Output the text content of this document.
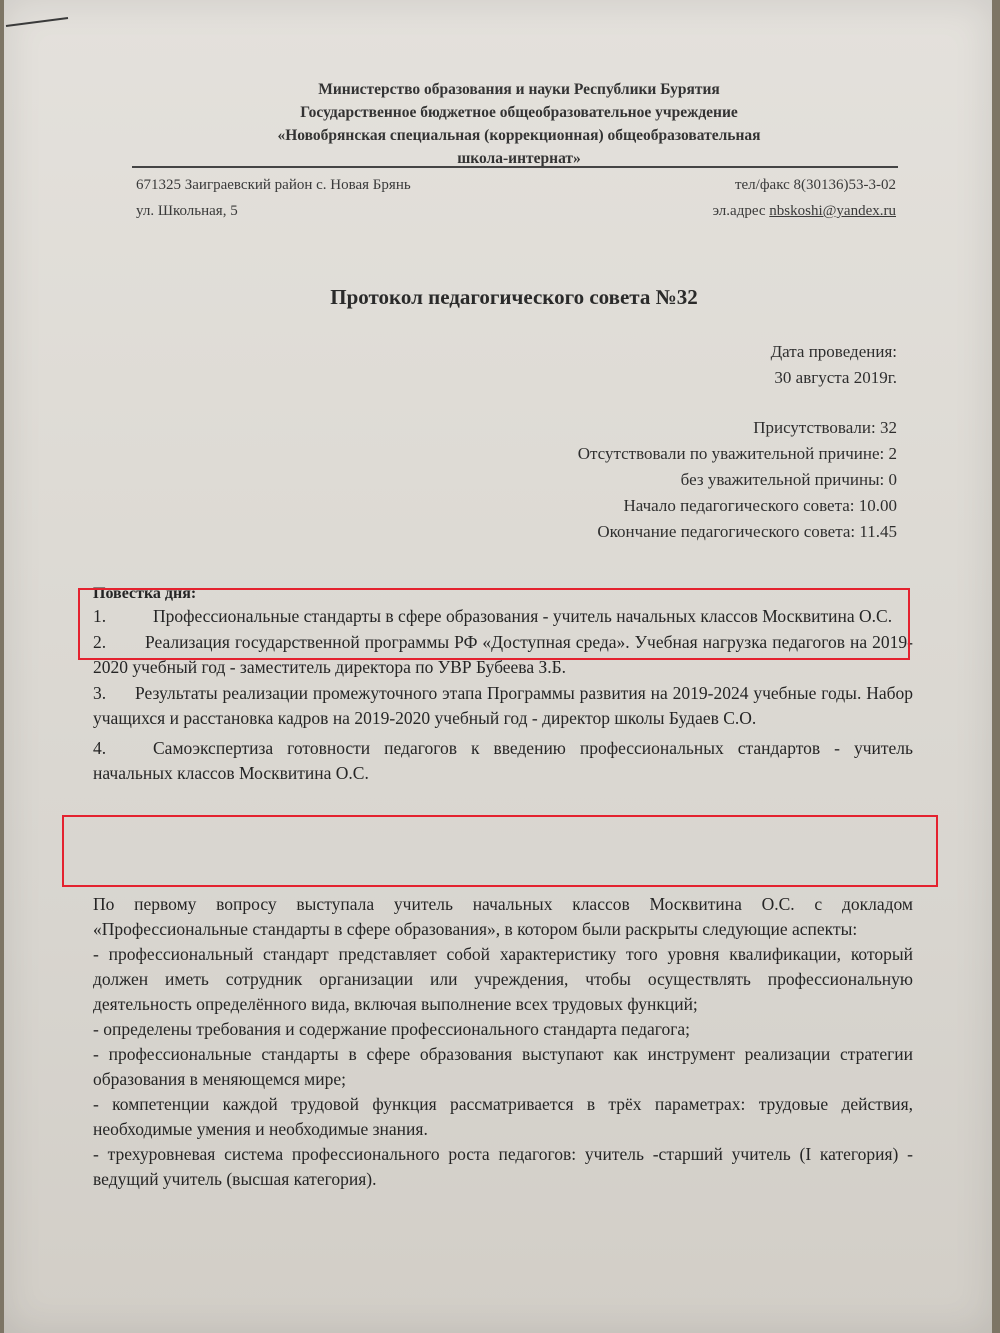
Министерство образования и науки Республики Бурятия
Государственное бюджетное общеобразовательное учреждение
«Новобрянская специальная (коррекционная) общеобразовательная
школа-интернат»
671325 Заиграевский район с. Новая Брянь
ул. Школьная, 5
тел/факс 8(30136)53-3-02
эл.адрес nbskoshi@yandex.ru
Протокол педагогического совета №32
Дата проведения:
30 августа 2019г.
Присутствовали: 32
Отсутствовали по уважительной причине: 2
без уважительной причины: 0
Начало педагогического совета: 10.00
Окончание педагогического совета: 11.45
Повестка дня:

1.	Профессиональные стандарты в сфере образования - учитель начальных классов Москвитина О.С.

2. Реализация государственной программы РФ «Доступная среда». Учебная нагрузка педагогов на 2019-2020 учебный год - заместитель директора по УВР Бубеева З.Б.

3. Результаты реализации промежуточного этапа Программы развития на 2019-2024 учебные годы. Набор учащихся и расстановка кадров на 2019-2020 учебный год - директор школы Будаев С.О.

4.	Самоэкспертиза готовности педагогов к введению профессиональных стандартов - учитель начальных классов Москвитина О.С.

По первому вопросу выступала учитель начальных классов Москвитина О.С. с докладом «Профессиональные стандарты в сфере образования», в котором были раскрыты следующие аспекты:

- профессиональный стандарт представляет собой характеристику того уровня квалификации, который должен иметь сотрудник организации или учреждения, чтобы осуществлять профессиональную деятельность определённого вида, включая выполнение всех трудовых функций;

- определены требования и содержание профессионального стандарта педагога;

- профессиональные стандарты в сфере образования выступают как инструмент реализации стратегии образования в меняющемся мире;

- компетенции каждой трудовой функция рассматривается в трёх параметрах: трудовые действия, необходимые умения и необходимые знания.

- трехуровневая система профессионального роста педагогов: учитель -старший учитель (I категория) - ведущий учитель (высшая категория).
